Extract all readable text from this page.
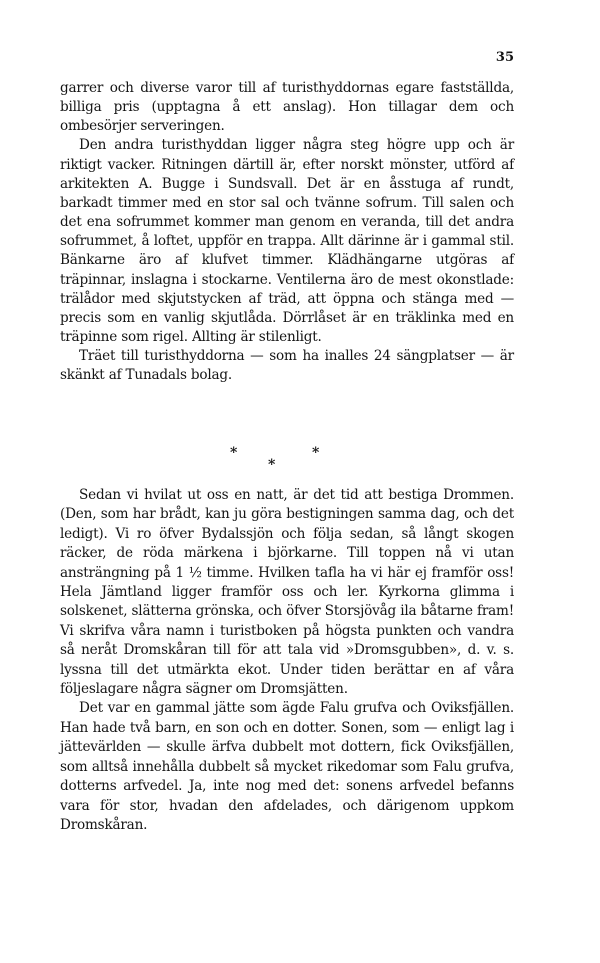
35

garrer och diverse varor till af turisthyddornas egare fastställda, billiga pris (upptagna å ett anslag). Hon tillagar dem och ombesörjer serveringen.

Den andra turisthyddan ligger några steg högre upp och är riktigt vacker. Ritningen därtill är, efter norskt mönster, utförd af arkitekten A. Bugge i Sundsvall. Det är en åsstuga af rundt, barkadt timmer med en stor sal och tvänne sofrum. Till salen och det ena sofrummet kommer man genom en veranda, till det andra sofrummet, å loftet, uppför en trappa. Allt därinne är i gammal stil. Bänkarne äro af klufvet timmer. Klädhängarne utgöras af träpinnar, inslagna i stockarne. Ventilerna äro de mest okonstlade: trälådor med skjutstycken af träd, att öppna och stänga med — precis som en vanlig skjutlåda. Dörrlåset är en träklinka med en träpinne som rigel. Allting är stilenligt.

Träet till turisthyddorna — som ha inalles 24 sängplatser — är skänkt af Tunadals bolag.

*
*
*

Sedan vi hvilat ut oss en natt, är det tid att bestiga Drommen. (Den, som har brådt, kan ju göra bestigningen samma dag, och det ledigt). Vi ro öfver Bydalssjön och följa sedan, så långt skogen räcker, de röda märkena i björkarne. Till toppen nå vi utan ansträngning på 1 ½ timme. Hvilken tafla ha vi här ej framför oss! Hela Jämtland ligger framför oss och ler. Kyrkorna glimma i solskenet, slätterna grönska, och öfver Storsjövåg ila båtarne fram! Vi skrifva våra namn i turistboken på högsta punkten och vandra så neråt Dromskåran till för att tala vid »Dromsgubben», d. v. s. lyssna till det utmärkta ekot. Under tiden berättar en af våra följeslagare några sägner om Dromsjätten.

Det var en gammal jätte som ägde Falu grufva och Oviksfjällen. Han hade två barn, en son och en dotter. Sonen, som — enligt lag i jättevärlden — skulle ärfva dubbelt mot dottern, fick Oviksfjällen, som alltså innehålla dubbelt så mycket rikedomar som Falu grufva, dotterns arfvedel. Ja, inte nog med det: sonens arfvedel befanns vara för stor, hvadan den afdelades, och därigenom uppkom Dromskåran.
